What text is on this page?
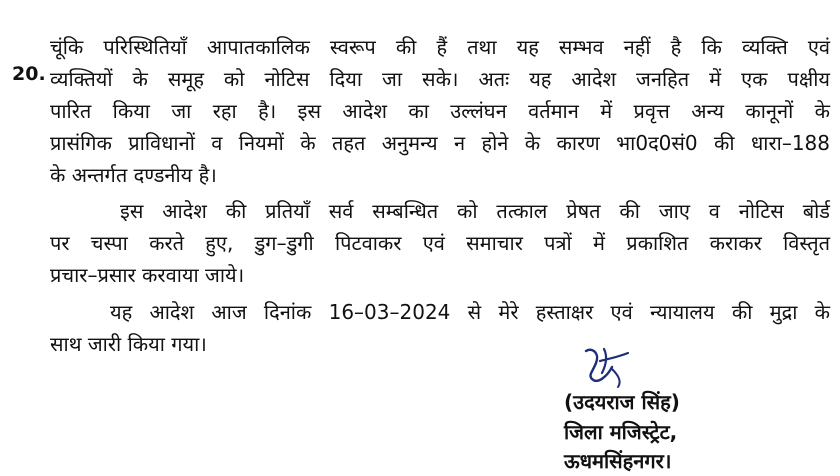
20.
चूंकि परिस्थितियॉं आपातकालिक स्वरूप की हैं तथा यह सम्भव नहीं है कि व्यक्ति एवं
व्यक्तियों के समूह को नोटिस दिया जा सके। अतः यह आदेश जनहित में एक पक्षीय
पारित किया जा रहा है। इस आदेश का उल्लंघन वर्तमान में प्रवृत्त अन्य कानूनों के
प्रासंगिक प्राविधानों व नियमों के तहत अनुमन्य न होने के कारण भा0द0सं0 की धारा–188
के अन्तर्गत दण्डनीय है।
इस आदेश की प्रतियॉं सर्व सम्बन्धित को तत्काल प्रेषत की जाए व नोटिस बोर्ड
पर चस्पा करते हुए, डुग–डुगी पिटवाकर एवं समाचार पत्रों में प्रकाशित कराकर विस्तृत
प्रचार–प्रसार करवाया जाये।
यह आदेश आज दिनांक 16–03–2024 से मेरे हस्ताक्षर एवं न्यायालय की मुद्रा के
साथ जारी किया गया।
(उदयराज सिंह)
जिला मजिस्ट्रेट,
ऊधमसिंहनगर।
